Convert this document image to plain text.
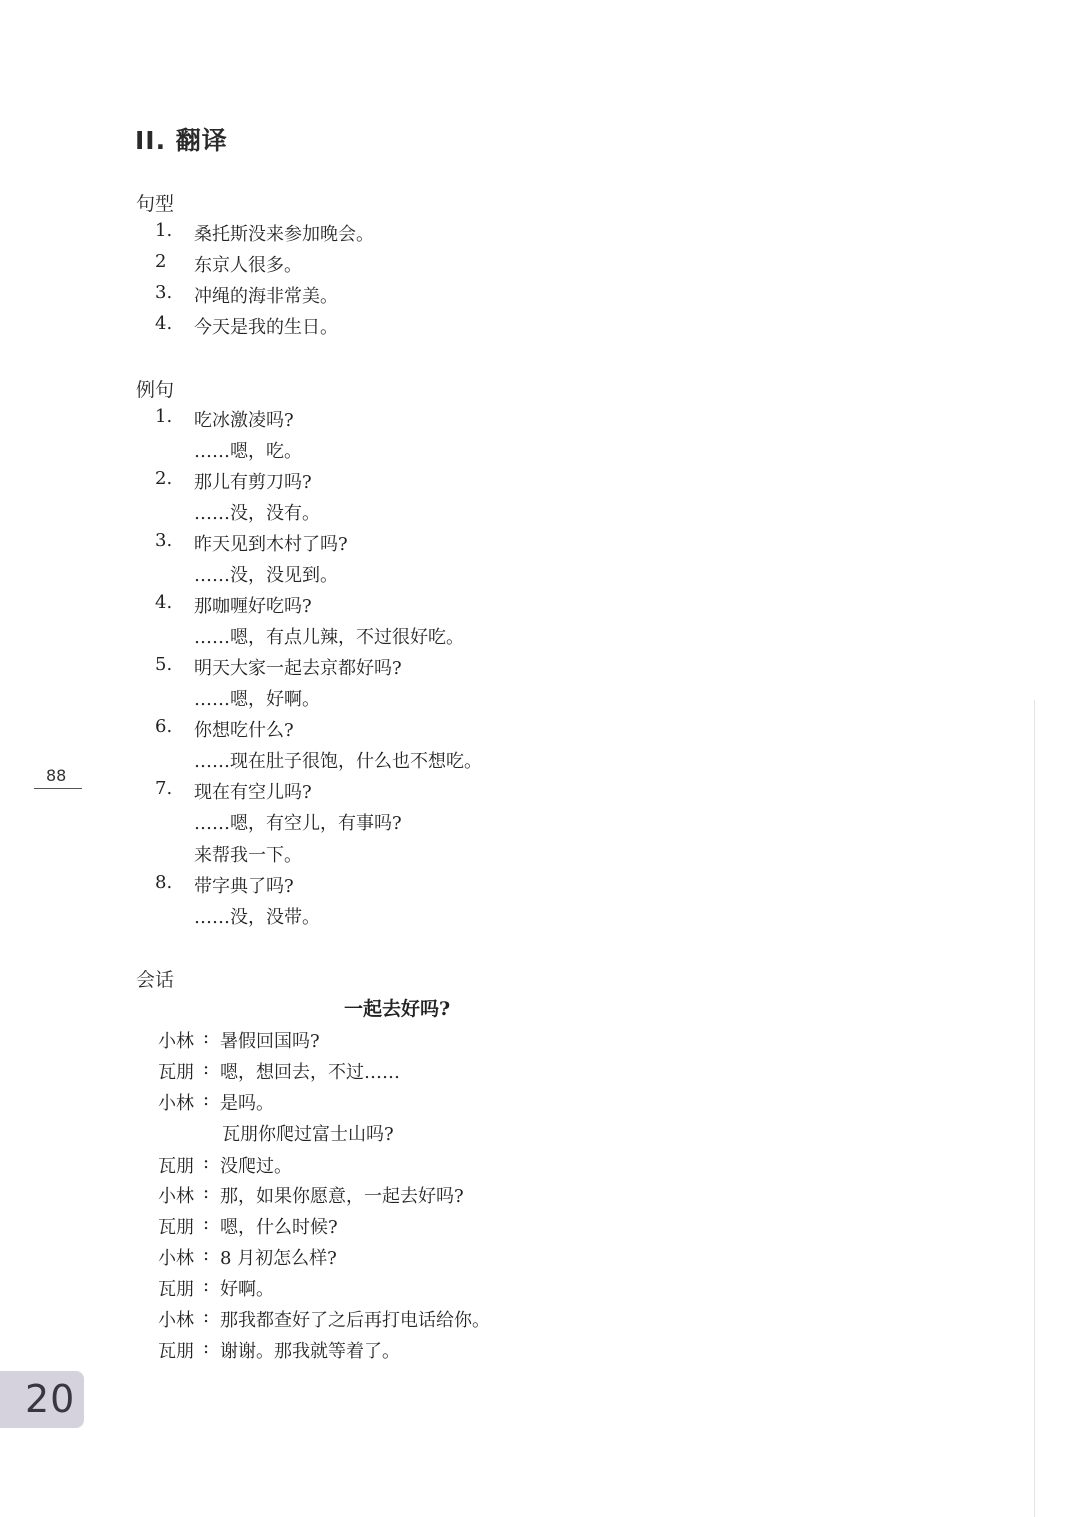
II. 翻译
句型
1.	桑托斯没来参加晚会。
2	东京人很多。
3.	冲绳的海非常美。
4.	今天是我的生日。
例句
1.	吃冰激凌吗?
……嗯，吃。
2.	那儿有剪刀吗?
……没，没有。
3.	昨天见到木村了吗?
……没，没见到。
4.	那咖喱好吃吗?
……嗯，有点儿辣，不过很好吃。
5.	明天大家一起去京都好吗?
……嗯，好啊。
6.	你想吃什么?
……现在肚子很饱，什么也不想吃。
7.	现在有空儿吗?
……嗯，有空儿，有事吗?
来帮我一下。
8.	带字典了吗?
……没，没带。
会话
一起去好吗?
小林 : 暑假回国吗?
瓦朋 : 嗯，想回去，不过……
小林 : 是吗。
瓦朋你爬过富士山吗?
瓦朋 : 没爬过。
小林 : 那，如果你愿意，一起去好吗?
瓦朋 : 嗯，什么时候?
小林 : 8 月初怎么样?
瓦朋 : 好啊。
小林 : 那我都查好了之后再打电话给你。
瓦朋 : 谢谢。那我就等着了。
88
20
